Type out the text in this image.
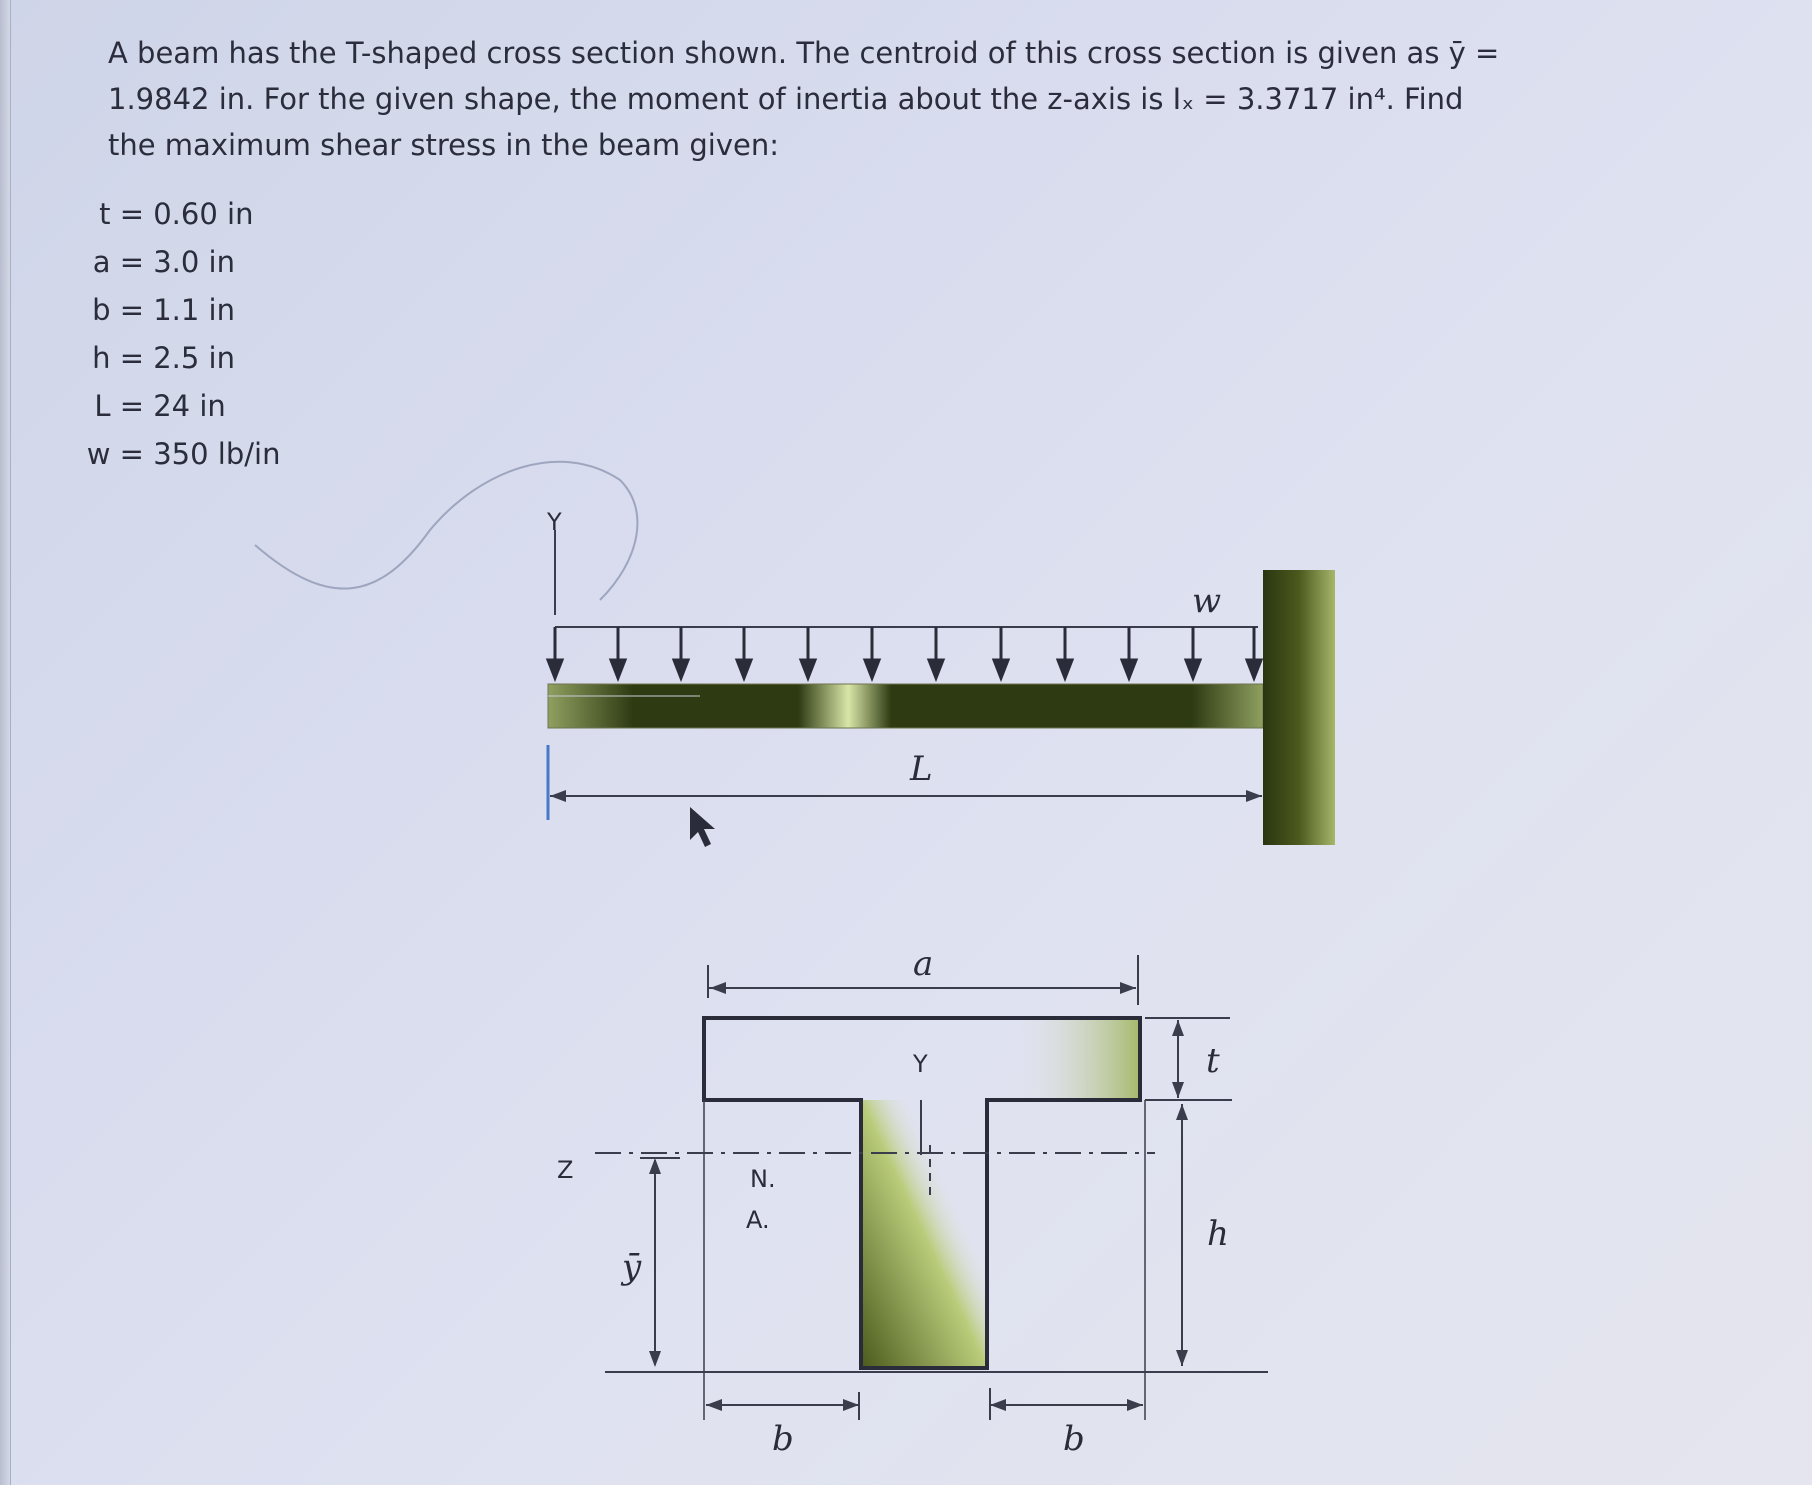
A beam has the T-shaped cross section shown. The centroid of this cross section is given as ȳ =
1.9842 in. For the given shape, the moment of inertia about the z-axis is Iₓ = 3.3717 in⁴. Find
the maximum shear stress in the beam given:
t = 0.60 in
a = 3.0 in
b = 1.1 in
h = 2.5 in
L = 24 in
w = 350 lb/in
Y
w
L
a
Y
Z	N.
A.
ȳ
t
h
b	b
